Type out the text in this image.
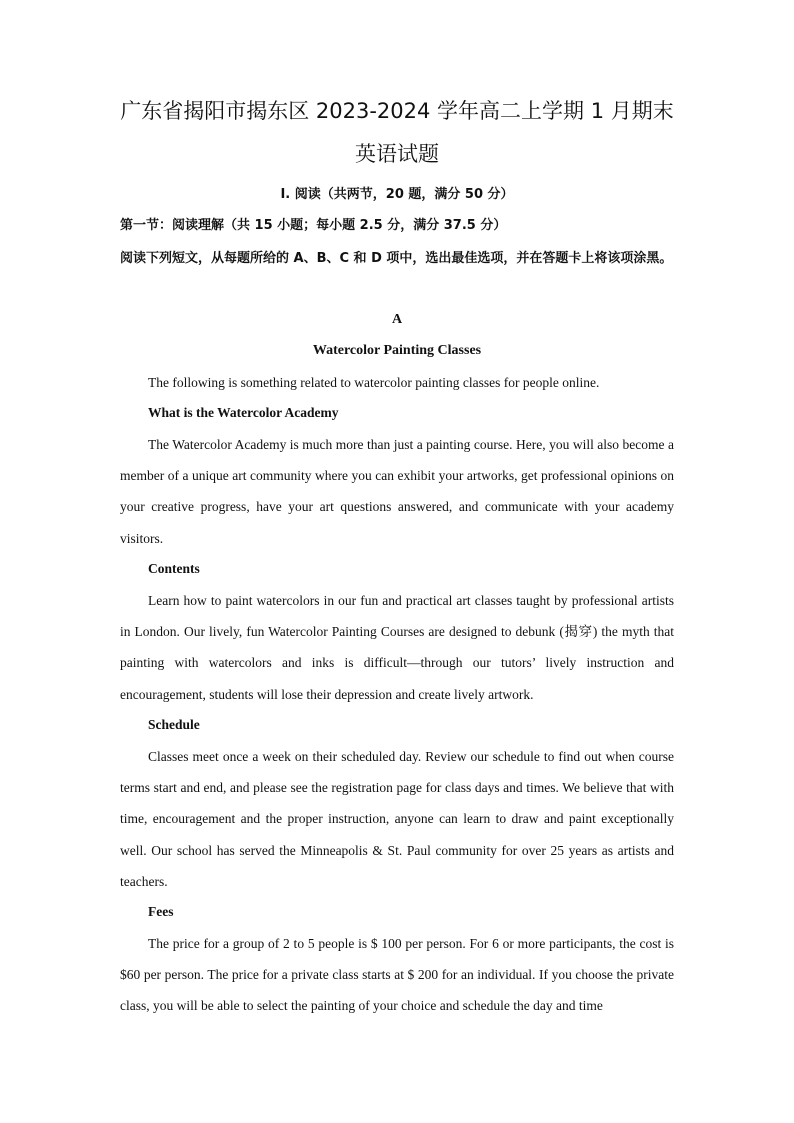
广东省揭阳市揭东区 2023-2024 学年高二上学期 1 月期末
英语试题
Ⅰ. 阅读（共两节，20 题，满分 50 分）
第一节：阅读理解（共 15 小题；每小题 2.5 分，满分 37.5 分）

阅读下列短文，从每题所给的 A、B、C 和 D 项中，选出最佳选项，并在答题卡上将该项涂黑。

A
Watercolor Painting Classes

The following is something related to watercolor painting classes for people online.

What is the Watercolor Academy

The Watercolor Academy is much more than just a painting course. Here, you will also become a member of a unique art community where you can exhibit your artworks, get professional opinions on your creative progress, have your art questions answered, and communicate with your academy visitors.

Contents

Learn how to paint watercolors in our fun and practical art classes taught by professional artists in London. Our lively, fun Watercolor Painting Courses are designed to debunk (揭穿) the myth that painting with watercolors and inks is difficult—through our tutors’ lively instruction and encouragement, students will lose their depression and create lively artwork.

Schedule

Classes meet once a week on their scheduled day. Review our schedule to find out when course terms start and end, and please see the registration page for class days and times. We believe that with time, encouragement and the proper instruction, anyone can learn to draw and paint exceptionally well. Our school has served the Minneapolis & St. Paul community for over 25 years as artists and teachers.

Fees

The price for a group of 2 to 5 people is $ 100 per person. For 6 or more participants, the cost is $60 per person. The price for a private class starts at $ 200 for an individual. If you choose the private class, you will be able to select the painting of your choice and schedule the day and time
